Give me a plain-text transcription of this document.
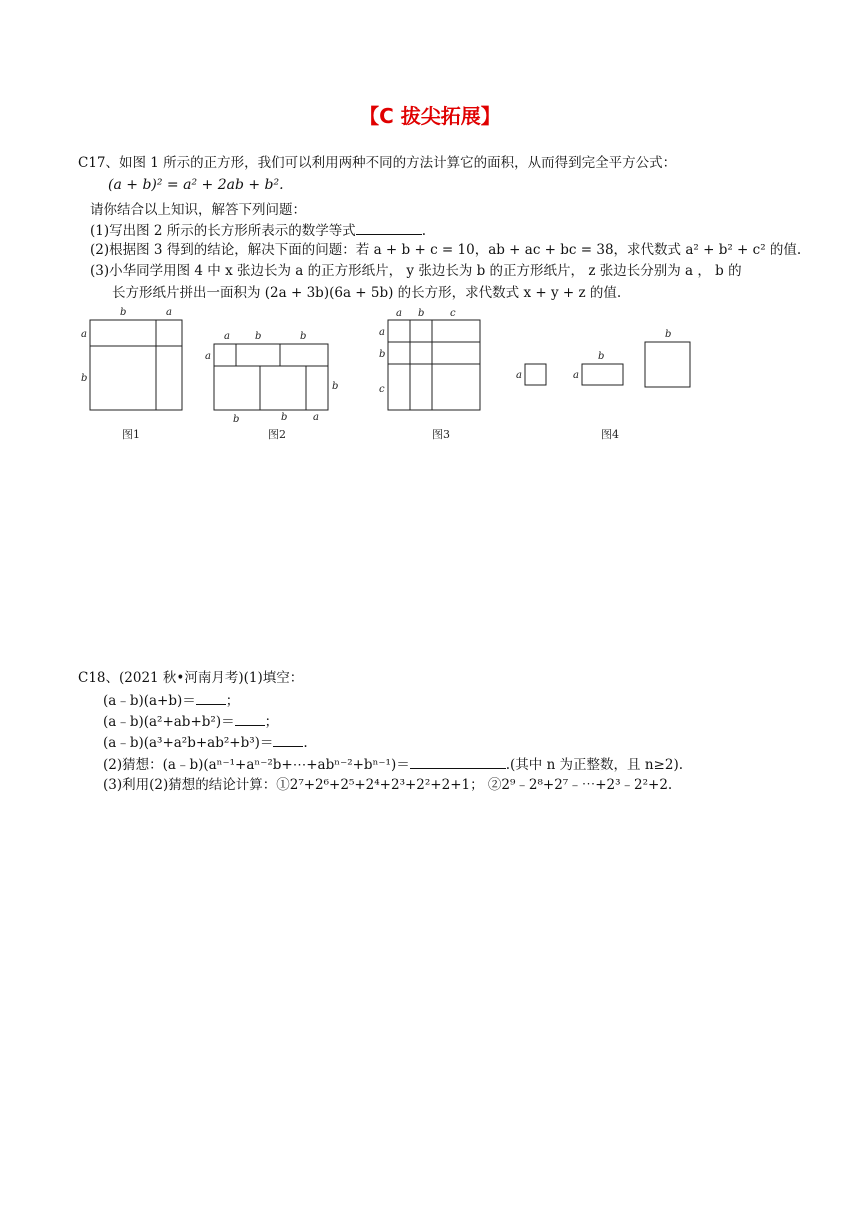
【C 拔尖拓展】
C17、如图 1 所示的正方形，我们可以利用两种不同的方法计算它的面积，从而得到完全平方公式：
(a + b)² = a² + 2ab + b².
请你结合以上知识，解答下列问题：
(1)写出图 2 所示的长方形所表示的数学等式	.
(2)根据图 3 得到的结论，解决下面的问题：若 a + b + c = 10，ab + ac + bc = 38，求代数式 a² + b² + c² 的值.
(3)小华同学用图 4 中 x 张边长为 a 的正方形纸片， y 张边长为 b 的正方形纸片， z 张边长分别为 a ， b 的
长方形纸片拼出一面积为 (2a + 3b)(6a + 5b) 的长方形，求代数式 x + y + z 的值.
b	a
a
b
a	b	b
a
b
b	b	a
a b	c
a
b
c
a
b
a
b
图1	图2	图3	图4
C18、(2021 秋•河南月考)(1)填空：
(a﹣b)(a+b)＝ ；
(a﹣b)(a²+ab+b²)＝ ；
(a﹣b)(a³+a²b+ab²+b³)＝ .
(2)猜想：(a﹣b)(aⁿ⁻¹+aⁿ⁻²b+⋯+abⁿ⁻²+bⁿ⁻¹)＝	.(其中 n 为正整数，且 n≥2).
(3)利用(2)猜想的结论计算：①2⁷+2⁶+2⁵+2⁴+2³+2²+2+1； ②2⁹﹣2⁸+2⁷﹣⋯+2³﹣2²+2.
